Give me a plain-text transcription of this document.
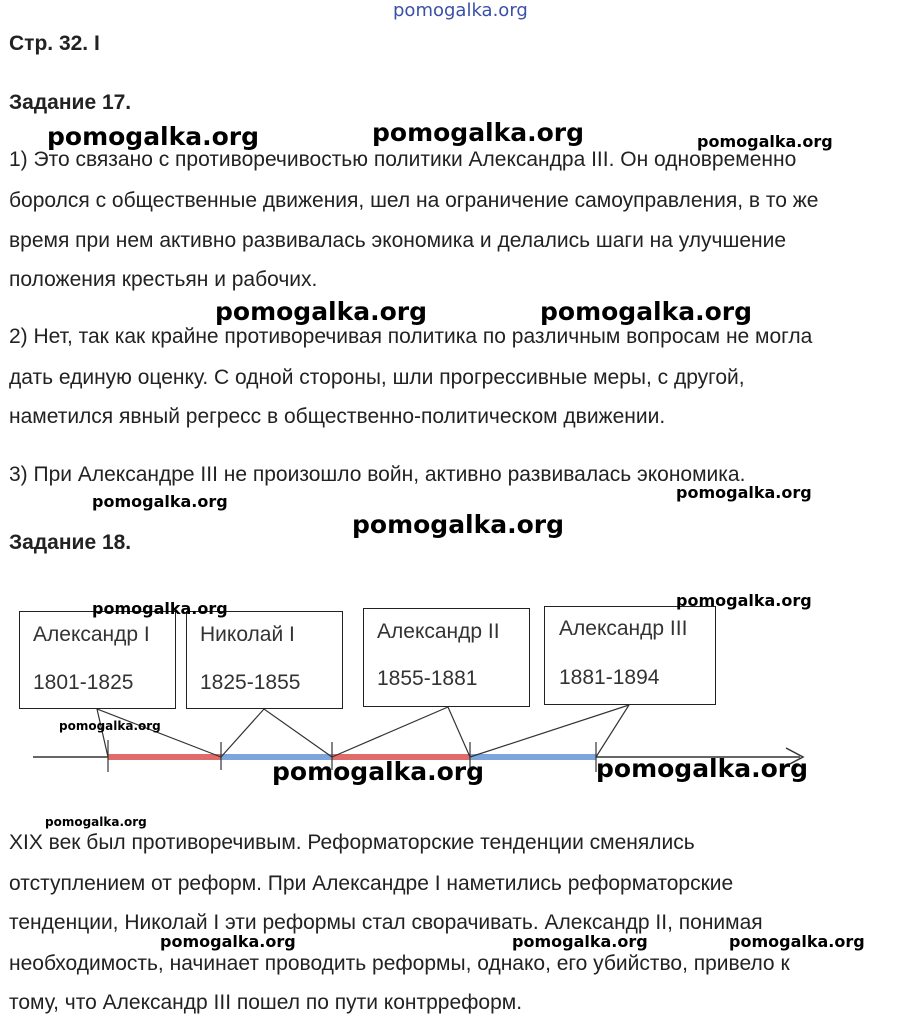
pomogalka.org
Стр. 32. I
Задание 17.
pomogalka.org	pomogalka.org	pomogalka.org
1) Это связано с противоречивостью политики Александра III. Он одновременно
боролся с общественные движения, шел на ограничение самоуправления, в то же
время при нем активно развивалась экономика и делались шаги на улучшение
положения крестьян и рабочих.
pomogalka.org	pomogalka.org
2) Нет, так как крайне противоречивая политика по различным вопросам не могла
дать единую оценку. С одной стороны, шли прогрессивные меры, с другой,
наметился явный регресс в общественно-политическом движении.
3) При Александре III не произошло войн, активно развивалась экономика.
pomogalka.org	pomogalka.org
pomogalka.org
Задание 18.
Александр I
1801-1825
Николай I
1825-1855
Александр II
1855-1881
Александр III
1881-1894
pomogalka.org	pomogalka.org
pomogalka.org
pomogalka.org	pomogalka.org
pomogalka.org
XIX век был противоречивым. Реформаторские тенденции сменялись
отступлением от реформ. При Александре I наметились реформаторские
тенденции, Николай I эти реформы стал сворачивать. Александр II, понимая
pomogalka.org	pomogalka.org	pomogalka.org
необходимость, начинает проводить реформы, однако, его убийство, привело к
тому, что Александр III пошел по пути контрреформ.
